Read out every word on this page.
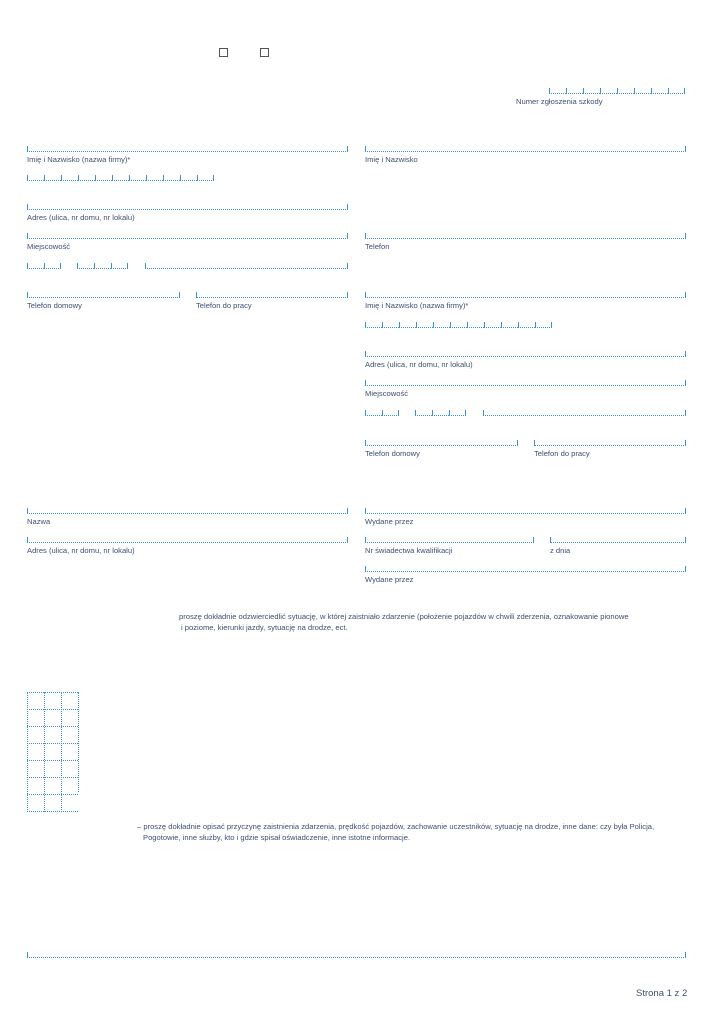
Numer zgłoszenia szkody
Imię i Nazwisko (nazwa firmy)*
Adres (ulica, nr domu, nr lokalu)
Miejscowość
Telefon domowy	Telefon do pracy
Imię i Nazwisko
Telefon
Imię i Nazwisko (nazwa firmy)*
Adres (ulica, nr domu, nr lokalu)
Miejscowość
Telefon domowy	Telefon do pracy
Nazwa
Adres (ulica, nr domu, nr lokalu)
Wydane przez
Nr świadectwa kwalifikacji	z dnia
Wydane przez
proszę dokładnie odzwierciedlić sytuację, w której zaistniało zdarzenie (położenie pojazdów w chwili zderzenia, oznakowanie pionowe
i poziome, kierunki jazdy, sytuację na drodze, ect.
– proszę dokładnie opisać przyczynę zaistnienia zdarzenia, prędkość pojazdów, zachowanie uczestników, sytuację na drodze, inne dane: czy była Policja,
Pogotowie, inne służby, kto i gdzie spisał oświadczenie, inne istotne informacje.
Strona 1 z 2
